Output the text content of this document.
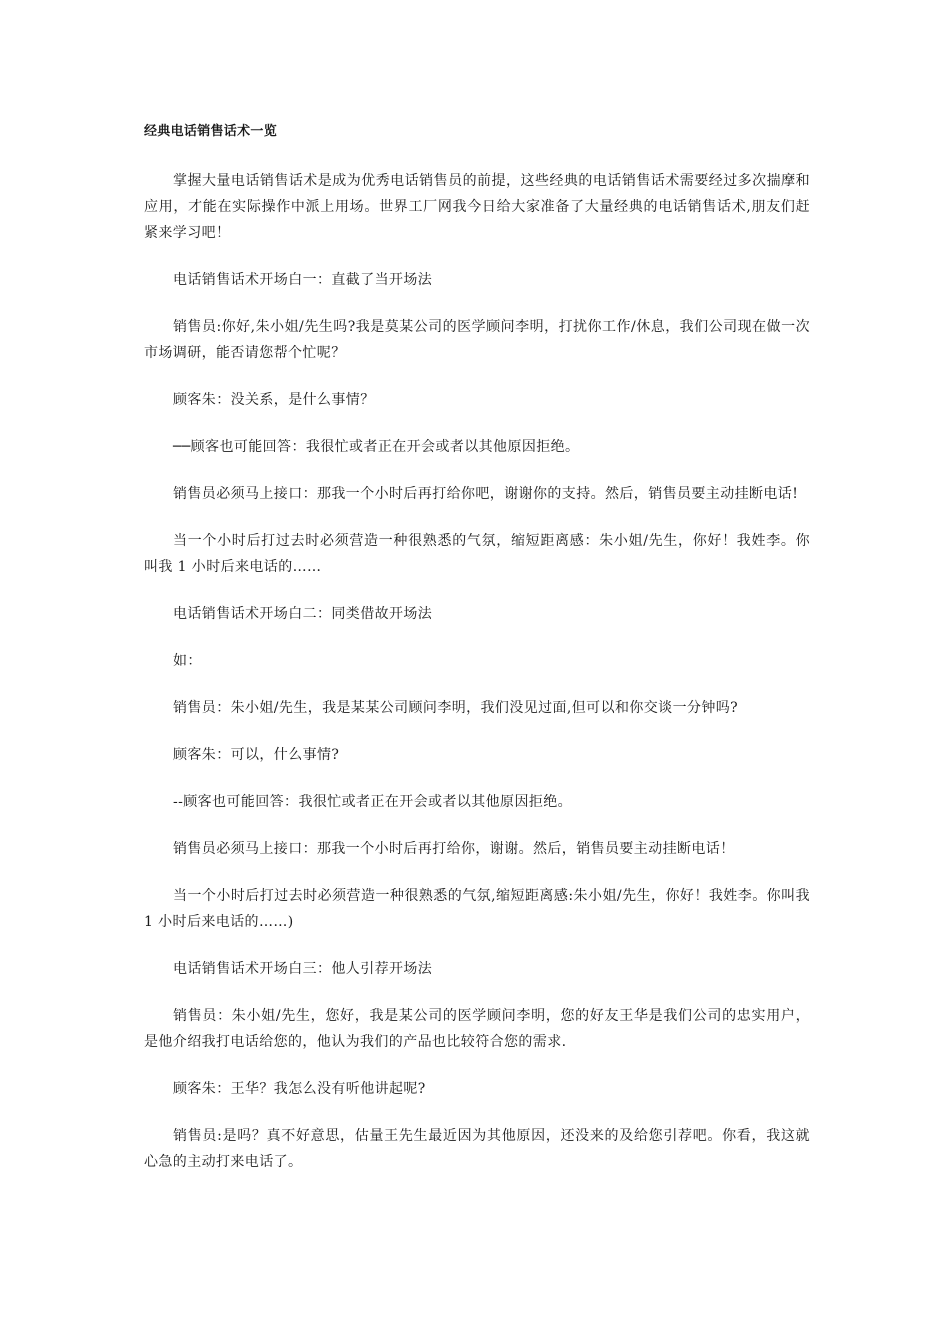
经典电话销售话术一览

掌握大量电话销售话术是成为优秀电话销售员的前提，这些经典的电话销售话术需要经过多次揣摩和应用，才能在实际操作中派上用场。世界工厂网我今日给大家准备了大量经典的电话销售话术,朋友们赶紧来学习吧！

电话销售话术开场白一：直截了当开场法

销售员:你好,朱小姐/先生吗?我是莫某公司的医学顾问李明，打扰你工作/休息，我们公司现在做一次市场调研，能否请您帮个忙呢？

顾客朱：没关系，是什么事情？

──顾客也可能回答：我很忙或者正在开会或者以其他原因拒绝。

销售员必须马上接口：那我一个小时后再打给你吧，谢谢你的支持。然后，销售员要主动挂断电话!

当一个小时后打过去时必须营造一种很熟悉的气氛，缩短距离感：朱小姐/先生，你好！我姓李。你叫我 1 小时后来电话的……

电话销售话术开场白二：同类借故开场法

如：

销售员：朱小姐/先生，我是某某公司顾问李明，我们没见过面,但可以和你交谈一分钟吗?

顾客朱：可以，什么事情?

--顾客也可能回答：我很忙或者正在开会或者以其他原因拒绝。

销售员必须马上接口：那我一个小时后再打给你，谢谢。然后，销售员要主动挂断电话！

当一个小时后打过去时必须营造一种很熟悉的气氛,缩短距离感:朱小姐/先生，你好！我姓李。你叫我 1 小时后来电话的……)

电话销售话术开场白三：他人引荐开场法

销售员：朱小姐/先生，您好，我是某公司的医学顾问李明，您的好友王华是我们公司的忠实用户，是他介绍我打电话给您的，他认为我们的产品也比较符合您的需求.

顾客朱：王华？我怎么没有听他讲起呢?

销售员:是吗？真不好意思，估量王先生最近因为其他原因，还没来的及给您引荐吧。你看，我这就心急的主动打来电话了。
